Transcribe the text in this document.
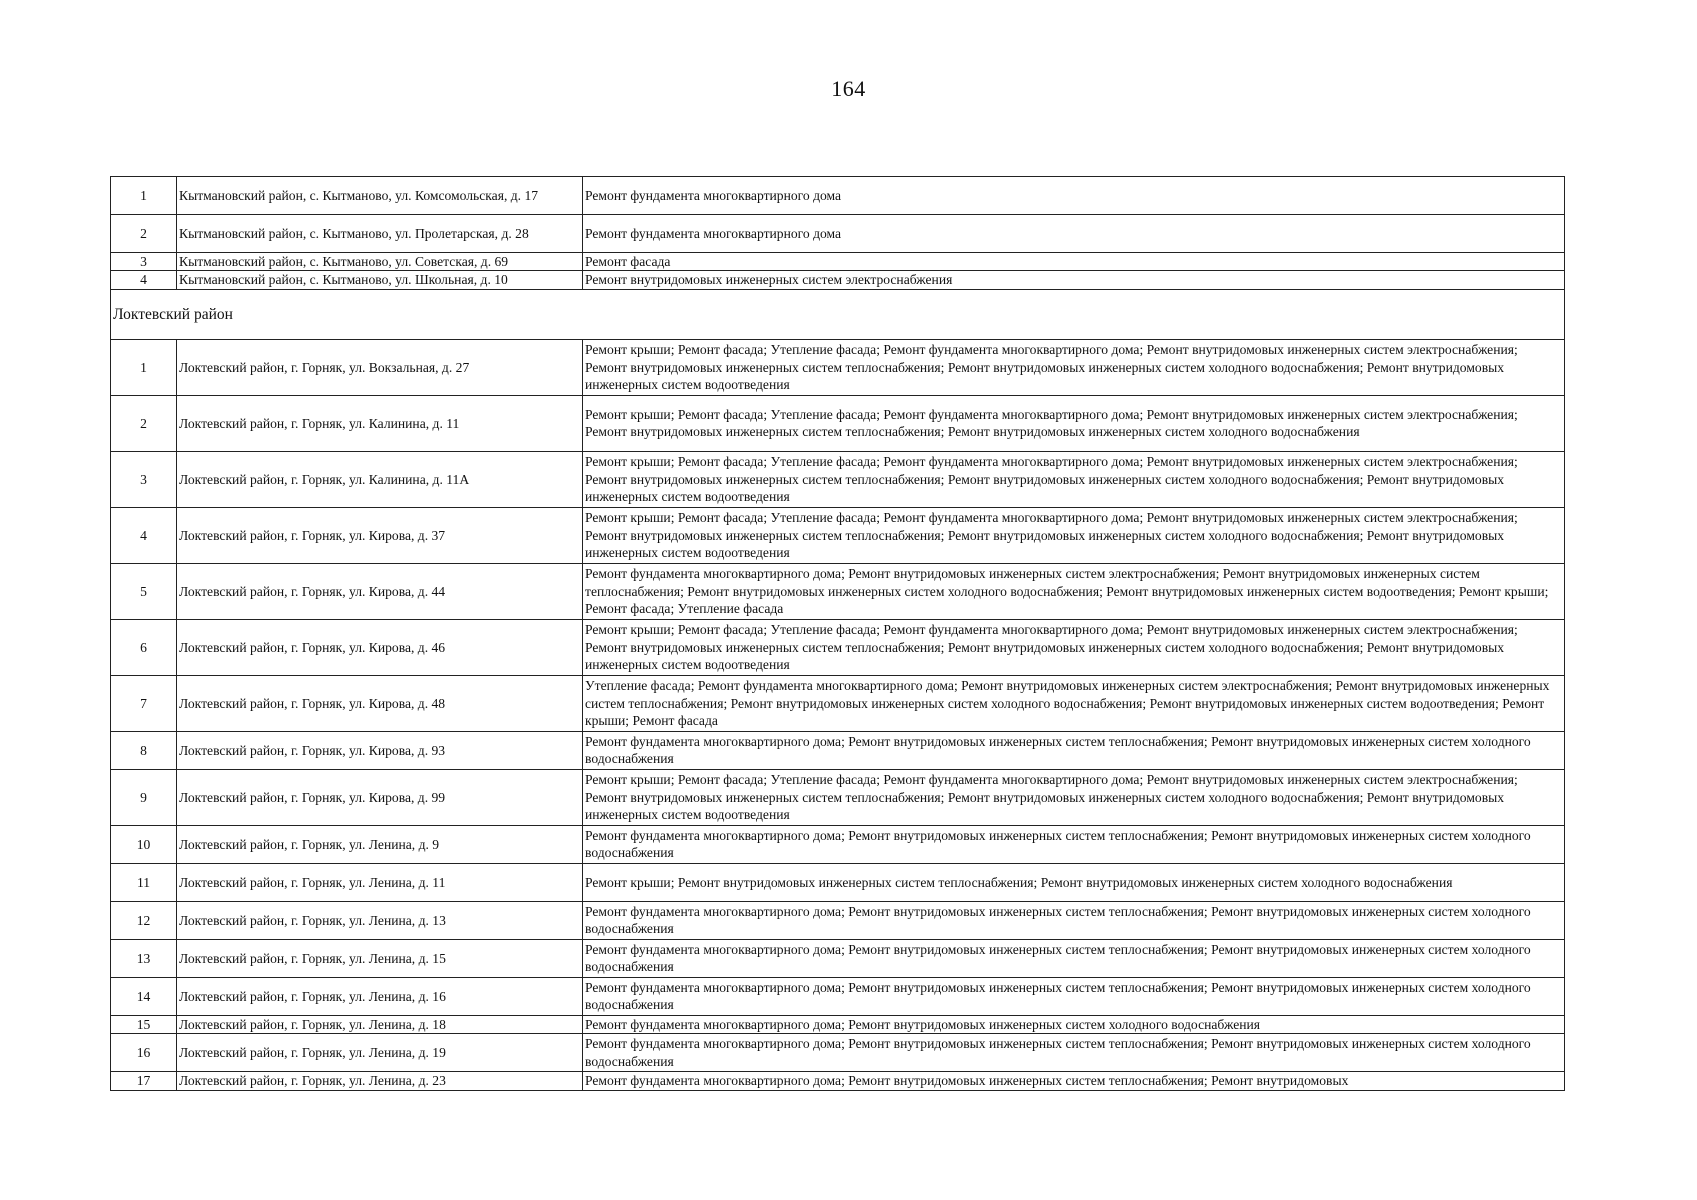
164
1	Кытмановский район, с. Кытманово, ул. Комсомольская, д. 17	Ремонт фундамента многоквартирного дома
2	Кытмановский район, с. Кытманово, ул. Пролетарская, д. 28	Ремонт фундамента многоквартирного дома
3	Кытмановский район, с. Кытманово, ул. Советская, д. 69	Ремонт фасада
4	Кытмановский район, с. Кытманово, ул. Школьная, д. 10	Ремонт внутридомовых инженерных систем электроснабжения
Локтевский район		
1	Локтевский район, г. Горняк, ул. Вокзальная, д. 27	Ремонт крыши; Ремонт фасада; Утепление фасада; Ремонт фундамента многоквартирного дома; Ремонт внутридомовых инженерных систем электроснабжения; Ремонт внутридомовых инженерных систем теплоснабжения; Ремонт внутридомовых инженерных систем холодного водоснабжения; Ремонт внутридомовых инженерных систем водоотведения
2	Локтевский район, г. Горняк, ул. Калинина, д. 11	Ремонт крыши; Ремонт фасада; Утепление фасада; Ремонт фундамента многоквартирного дома; Ремонт внутридомовых инженерных систем электроснабжения; Ремонт внутридомовых инженерных систем теплоснабжения; Ремонт внутридомовых инженерных систем холодного водоснабжения
3	Локтевский район, г. Горняк, ул. Калинина, д. 11А	Ремонт крыши; Ремонт фасада; Утепление фасада; Ремонт фундамента многоквартирного дома; Ремонт внутридомовых инженерных систем электроснабжения; Ремонт внутридомовых инженерных систем теплоснабжения; Ремонт внутридомовых инженерных систем холодного водоснабжения; Ремонт внутридомовых инженерных систем водоотведения
4	Локтевский район, г. Горняк, ул. Кирова, д. 37	Ремонт крыши; Ремонт фасада; Утепление фасада; Ремонт фундамента многоквартирного дома; Ремонт внутридомовых инженерных систем электроснабжения; Ремонт внутридомовых инженерных систем теплоснабжения; Ремонт внутридомовых инженерных систем холодного водоснабжения; Ремонт внутридомовых инженерных систем водоотведения
5	Локтевский район, г. Горняк, ул. Кирова, д. 44	Ремонт фундамента многоквартирного дома; Ремонт внутридомовых инженерных систем электроснабжения; Ремонт внутридомовых инженерных систем теплоснабжения; Ремонт внутридомовых инженерных систем холодного водоснабжения; Ремонт внутридомовых инженерных систем водоотведения; Ремонт крыши; Ремонт фасада; Утепление фасада
6	Локтевский район, г. Горняк, ул. Кирова, д. 46	Ремонт крыши; Ремонт фасада; Утепление фасада; Ремонт фундамента многоквартирного дома; Ремонт внутридомовых инженерных систем электроснабжения; Ремонт внутридомовых инженерных систем теплоснабжения; Ремонт внутридомовых инженерных систем холодного водоснабжения; Ремонт внутридомовых инженерных систем водоотведения
7	Локтевский район, г. Горняк, ул. Кирова, д. 48	Утепление фасада; Ремонт фундамента многоквартирного дома; Ремонт внутридомовых инженерных систем электроснабжения; Ремонт внутридомовых инженерных систем теплоснабжения; Ремонт внутридомовых инженерных систем холодного водоснабжения; Ремонт внутридомовых инженерных систем водоотведения; Ремонт крыши; Ремонт фасада
8	Локтевский район, г. Горняк, ул. Кирова, д. 93	Ремонт фундамента многоквартирного дома; Ремонт внутридомовых инженерных систем теплоснабжения; Ремонт внутридомовых инженерных систем холодного водоснабжения
9	Локтевский район, г. Горняк, ул. Кирова, д. 99	Ремонт крыши; Ремонт фасада; Утепление фасада; Ремонт фундамента многоквартирного дома; Ремонт внутридомовых инженерных систем электроснабжения; Ремонт внутридомовых инженерных систем теплоснабжения; Ремонт внутридомовых инженерных систем холодного водоснабжения; Ремонт внутридомовых инженерных систем водоотведения
10	Локтевский район, г. Горняк, ул. Ленина, д. 9	Ремонт фундамента многоквартирного дома; Ремонт внутридомовых инженерных систем теплоснабжения; Ремонт внутридомовых инженерных систем холодного водоснабжения
11	Локтевский район, г. Горняк, ул. Ленина, д. 11	Ремонт крыши; Ремонт внутридомовых инженерных систем теплоснабжения; Ремонт внутридомовых инженерных систем холодного водоснабжения
12	Локтевский район, г. Горняк, ул. Ленина, д. 13	Ремонт фундамента многоквартирного дома; Ремонт внутридомовых инженерных систем теплоснабжения; Ремонт внутридомовых инженерных систем холодного водоснабжения
13	Локтевский район, г. Горняк, ул. Ленина, д. 15	Ремонт фундамента многоквартирного дома; Ремонт внутридомовых инженерных систем теплоснабжения; Ремонт внутридомовых инженерных систем холодного водоснабжения
14	Локтевский район, г. Горняк, ул. Ленина, д. 16	Ремонт фундамента многоквартирного дома; Ремонт внутридомовых инженерных систем теплоснабжения; Ремонт внутридомовых инженерных систем холодного водоснабжения
15	Локтевский район, г. Горняк, ул. Ленина, д. 18	Ремонт фундамента многоквартирного дома; Ремонт внутридомовых инженерных систем холодного водоснабжения
16	Локтевский район, г. Горняк, ул. Ленина, д. 19	Ремонт фундамента многоквартирного дома; Ремонт внутридомовых инженерных систем теплоснабжения; Ремонт внутридомовых инженерных систем холодного водоснабжения
17	Локтевский район, г. Горняк, ул. Ленина, д. 23	Ремонт фундамента многоквартирного дома; Ремонт внутридомовых инженерных систем теплоснабжения; Ремонт внутридомовых
